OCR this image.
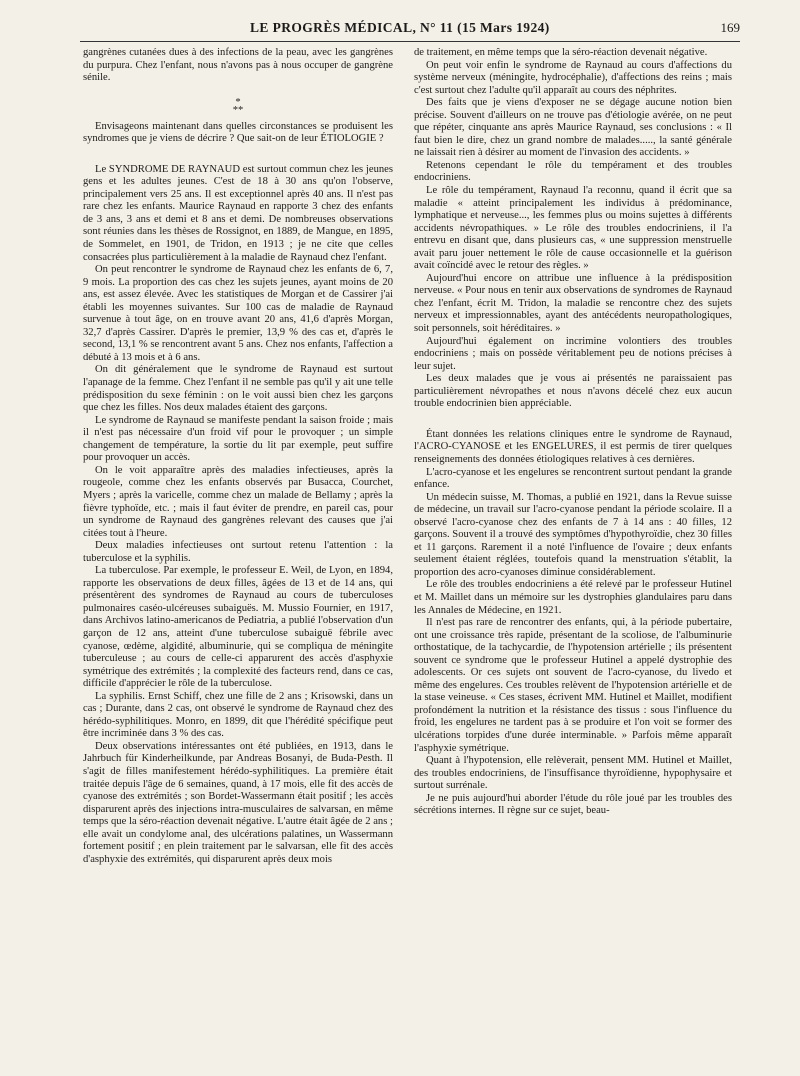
LE PROGRÈS MÉDICAL, N° 11 (15 Mars 1924)	169

gangrènes cutanées dues à des infections de la peau, avec les gangrènes du purpura. Chez l'enfant, nous n'avons pas à nous occuper de gangrène sénile.

*
**

Envisageons maintenant dans quelles circonstances se produisent les syndromes que je viens de décrire ? Que sait-on de leur ÉTIOLOGIE ?

Le SYNDROME DE RAYNAUD est surtout commun chez les jeunes gens et les adultes jeunes. C'est de 18 à 30 ans qu'on l'observe, principalement vers 25 ans. Il est exceptionnel après 40 ans. Il n'est pas rare chez les enfants. Maurice Raynaud en rapporte 3 chez des enfants de 3 ans, 3 ans et demi et 8 ans et demi. De nombreuses observations sont réunies dans les thèses de Rossignot, en 1889, de Mangue, en 1895, de Sommelet, en 1901, de Tridon, en 1913 ; je ne cite que celles consacrées plus particulièrement à la maladie de Raynaud chez l'enfant.

On peut rencontrer le syndrome de Raynaud chez les enfants de 6, 7, 9 mois. La proportion des cas chez les sujets jeunes, ayant moins de 20 ans, est assez élevée. Avec les statistiques de Morgan et de Cassirer j'ai établi les moyennes suivantes. Sur 100 cas de maladie de Raynaud survenue à tout âge, on en trouve avant 20 ans, 41,6 d'après Morgan, 32,7 d'après Cassirer. D'après le premier, 13,9 % des cas et, d'après le second, 13,1 % se rencontrent avant 5 ans. Chez nos enfants, l'affection a débuté à 13 mois et à 6 ans.

On dit généralement que le syndrome de Raynaud est surtout l'apanage de la femme. Chez l'enfant il ne semble pas qu'il y ait une telle prédisposition du sexe féminin : on le voit aussi bien chez les garçons que chez les filles. Nos deux malades étaient des garçons.

Le syndrome de Raynaud se manifeste pendant la saison froide ; mais il n'est pas nécessaire d'un froid vif pour le provoquer ; un simple changement de température, la sortie du lit par exemple, peut suffire pour provoquer un accès.

On le voit apparaître après des maladies infectieuses, après la rougeole, comme chez les enfants observés par Busacca, Courchet, Myers ; après la varicelle, comme chez un malade de Bellamy ; après la fièvre typhoïde, etc. ; mais il faut éviter de prendre, en pareil cas, pour un syndrome de Raynaud des gangrènes relevant des causes que j'ai citées tout à l'heure.

Deux maladies infectieuses ont surtout retenu l'attention : la tuberculose et la syphilis.

La tuberculose. Par exemple, le professeur E. Weil, de Lyon, en 1894, rapporte les observations de deux filles, âgées de 13 et de 14 ans, qui présentèrent des syndromes de Raynaud au cours de tuberculoses pulmonaires caséo-ulcéreuses subaiguës. M. Mussio Fournier, en 1917, dans Archivos latino-americanos de Pediatria, a publié l'observation d'un garçon de 12 ans, atteint d'une tuberculose subaiguë fébrile avec cyanose, œdème, algidité, albuminurie, qui se compliqua de méningite tuberculeuse ; au cours de celle-ci apparurent des accès d'asphyxie symétrique des extrémités ; la complexité des facteurs rend, dans ce cas, difficile d'apprécier le rôle de la tuberculose.

La syphilis. Ernst Schiff, chez une fille de 2 ans ; Krisowski, dans un cas ; Durante, dans 2 cas, ont observé le syndrome de Raynaud chez des hérédo-syphilitiques. Monro, en 1899, dit que l'hérédité spécifique peut être incriminée dans 3 % des cas.

Deux observations intéressantes ont été publiées, en 1913, dans le Jahrbuch für Kinderheilkunde, par Andreas Bosanyi, de Buda-Pesth. Il s'agit de filles manifestement hérédo-syphilitiques. La première était traitée depuis l'âge de 6 semaines, quand, à 17 mois, elle fit des accès de cyanose des extrémités ; son Bordet-Wassermann était positif ; les accès disparurent après des injections intra-musculaires de salvarsan, en même temps que la séro-réaction devenait négative. L'autre était âgée de 2 ans ; elle avait un condylome anal, des ulcérations palatines, un Wassermann fortement positif ; en plein traitement par le salvarsan, elle fit des accès d'asphyxie des extrémités, qui disparurent après deux mois

de traitement, en même temps que la séro-réaction devenait négative.

On peut voir enfin le syndrome de Raynaud au cours d'affections du système nerveux (méningite, hydrocéphalie), d'affections des reins ; mais c'est surtout chez l'adulte qu'il apparaît au cours des néphrites.

Des faits que je viens d'exposer ne se dégage aucune notion bien précise. Souvent d'ailleurs on ne trouve pas d'étiologie avérée, on ne peut que répéter, cinquante ans après Maurice Raynaud, ses conclusions : « Il faut bien le dire, chez un grand nombre de malades....., la santé générale ne laissait rien à désirer au moment de l'invasion des accidents. »

Retenons cependant le rôle du tempérament et des troubles endocriniens.

Le rôle du tempérament, Raynaud l'a reconnu, quand il écrit que sa maladie « atteint principalement les individus à prédominance, lymphatique et nerveuse..., les femmes plus ou moins sujettes à différents accidents névropathiques. » Le rôle des troubles endocriniens, il l'a entrevu en disant que, dans plusieurs cas, « une suppression menstruelle avait paru jouer nettement le rôle de cause occasionnelle et la guérison avait coïncidé avec le retour des règles. »

Aujourd'hui encore on attribue une influence à la prédisposition nerveuse. « Pour nous en tenir aux observations de syndromes de Raynaud chez l'enfant, écrit M. Tridon, la maladie se rencontre chez des sujets nerveux et impressionnables, ayant des antécédents neuropathologiques, soit personnels, soit héréditaires. »

Aujourd'hui également on incrimine volontiers des troubles endocriniens ; mais on possède véritablement peu de notions précises à leur sujet.

Les deux malades que je vous ai présentés ne paraissaient pas particulièrement névropathes et nous n'avons décelé chez eux aucun trouble endocrinien bien appréciable.

Étant données les relations cliniques entre le syndrome de Raynaud, l'ACRO-CYANOSE et les ENGELURES, il est permis de tirer quelques renseignements des données étiologiques relatives à ces dernières.

L'acro-cyanose et les engelures se rencontrent surtout pendant la grande enfance.

Un médecin suisse, M. Thomas, a publié en 1921, dans la Revue suisse de médecine, un travail sur l'acro-cyanose pendant la période scolaire. Il a observé l'acro-cyanose chez des enfants de 7 à 14 ans : 40 filles, 12 garçons. Souvent il a trouvé des symptômes d'hypothyroïdie, chez 30 filles et 11 garçons. Rarement il a noté l'influence de l'ovaire ; deux enfants seulement étaient réglées, toutefois quand la menstruation s'établit, la proportion des acro-cyanoses diminue considérablement.

Le rôle des troubles endocriniens a été relevé par le professeur Hutinel et M. Maillet dans un mémoire sur les dystrophies glandulaires paru dans les Annales de Médecine, en 1921.

Il n'est pas rare de rencontrer des enfants, qui, à la période pubertaire, ont une croissance très rapide, présentant de la scoliose, de l'albuminurie orthostatique, de la tachycardie, de l'hypotension artérielle ; ils présentent souvent ce syndrome que le professeur Hutinel a appelé dystrophie des adolescents. Or ces sujets ont souvent de l'acro-cyanose, du livedo et même des engelures. Ces troubles relèvent de l'hypotension artérielle et de la stase veineuse. « Ces stases, écrivent MM. Hutinel et Maillet, modifient profondément la nutrition et la résistance des tissus : sous l'influence du froid, les engelures ne tardent pas à se produire et l'on voit se former des ulcérations torpides d'une durée interminable. » Parfois même apparaît l'asphyxie symétrique.

Quant à l'hypotension, elle relèverait, pensent MM. Hutinel et Maillet, des troubles endocriniens, de l'insuffisance thyroïdienne, hypophysaire et surtout surrénale.

Je ne puis aujourd'hui aborder l'étude du rôle joué par les troubles des sécrétions internes. Il règne sur ce sujet, beau-
